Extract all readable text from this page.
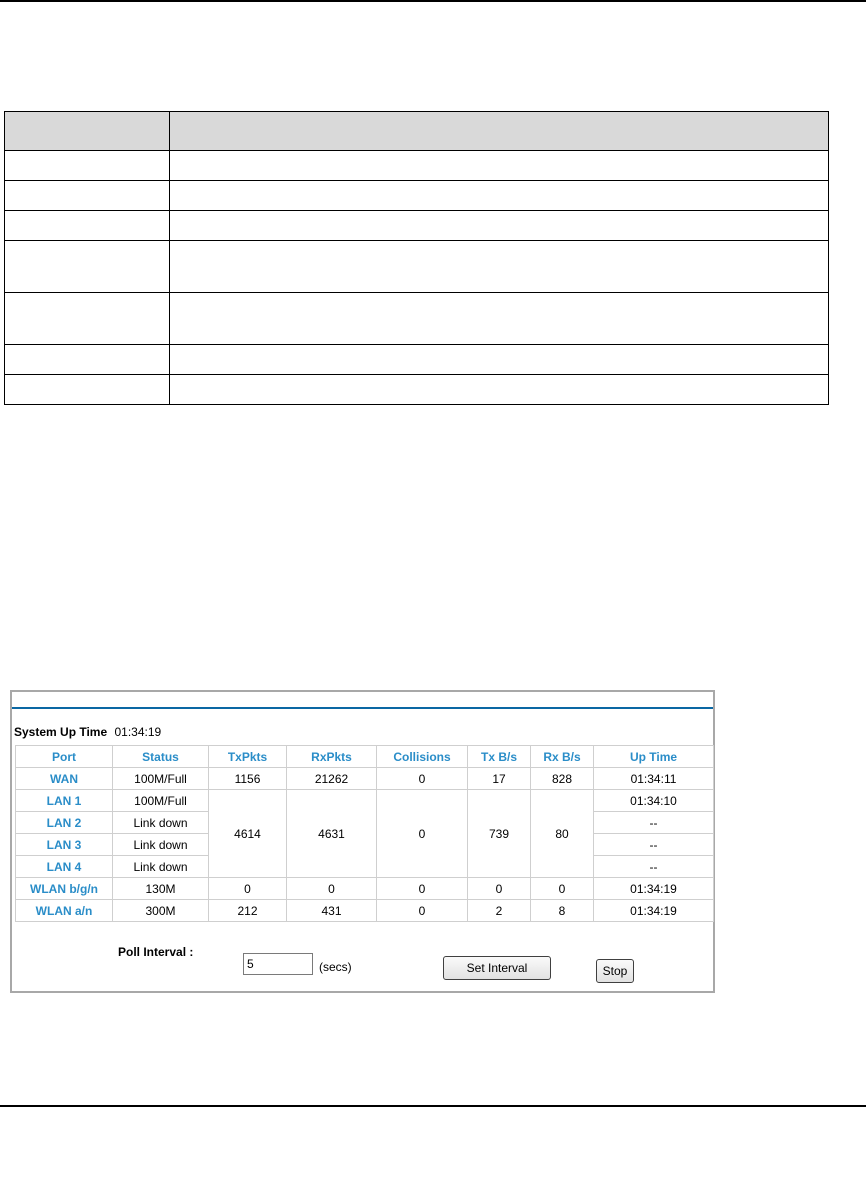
System Up Time 01:34:19
Port	Status	TxPkts	RxPkts	Collisions	Tx B/s	Rx B/s	Up Time
WAN	100M/Full	1156	21262	0	17	828	01:34:11
LAN 1	100M/Full	4614	4631	0	739	80	01:34:10
LAN 2	Link down						--
LAN 3	Link down						--
LAN 4	Link down						--
WLAN b/g/n	130M	0	0	0	0	0	01:34:19
WLAN a/n	300M	212	431	0	2	8	01:34:19
Poll Interval :
5
(secs)	Set Interval	Stop
